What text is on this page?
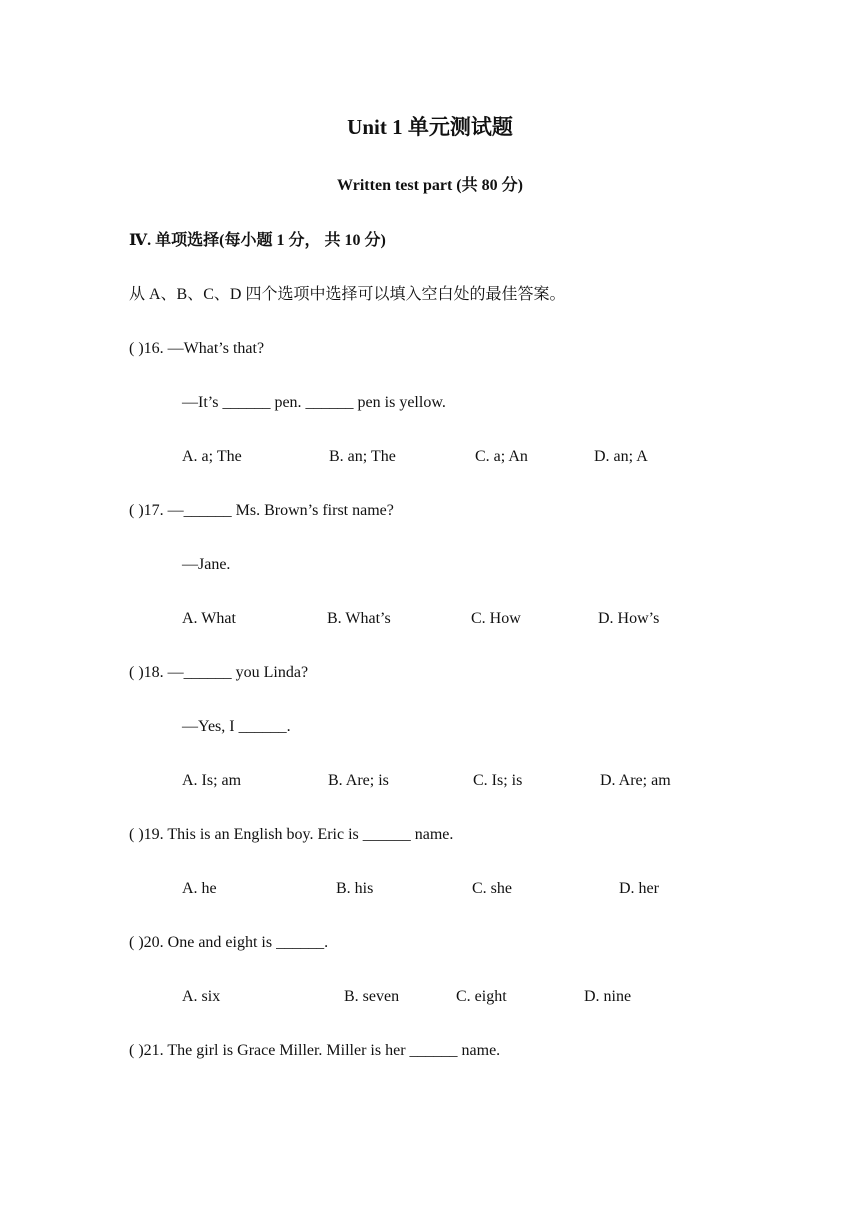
Unit 1 单元测试题
Written test part (共 80 分)
Ⅳ. 单项选择(每小题 1 分， 共 10 分)
从 A、B、C、D 四个选项中选择可以填入空白处的最佳答案。
( )16. —What’s that?
—It’s ______ pen. ______ pen is yellow.
A. a; The	B. an; The	C. a; An	D. an; A
( )17. —______ Ms. Brown’s first name?
—Jane.
A. What	B. What’s	C. How	D. How’s
( )18. —______ you Linda?
—Yes, I ______.
A. Is; am	B. Are; is	C. Is; is	D. Are; am
( )19. This is an English boy. Eric is ______ name.
A. he	B. his	C. she	D. her
( )20. One and eight is ______.
A. six	B. seven	C. eight	D. nine
( )21. The girl is Grace Miller. Miller is her ______ name.
